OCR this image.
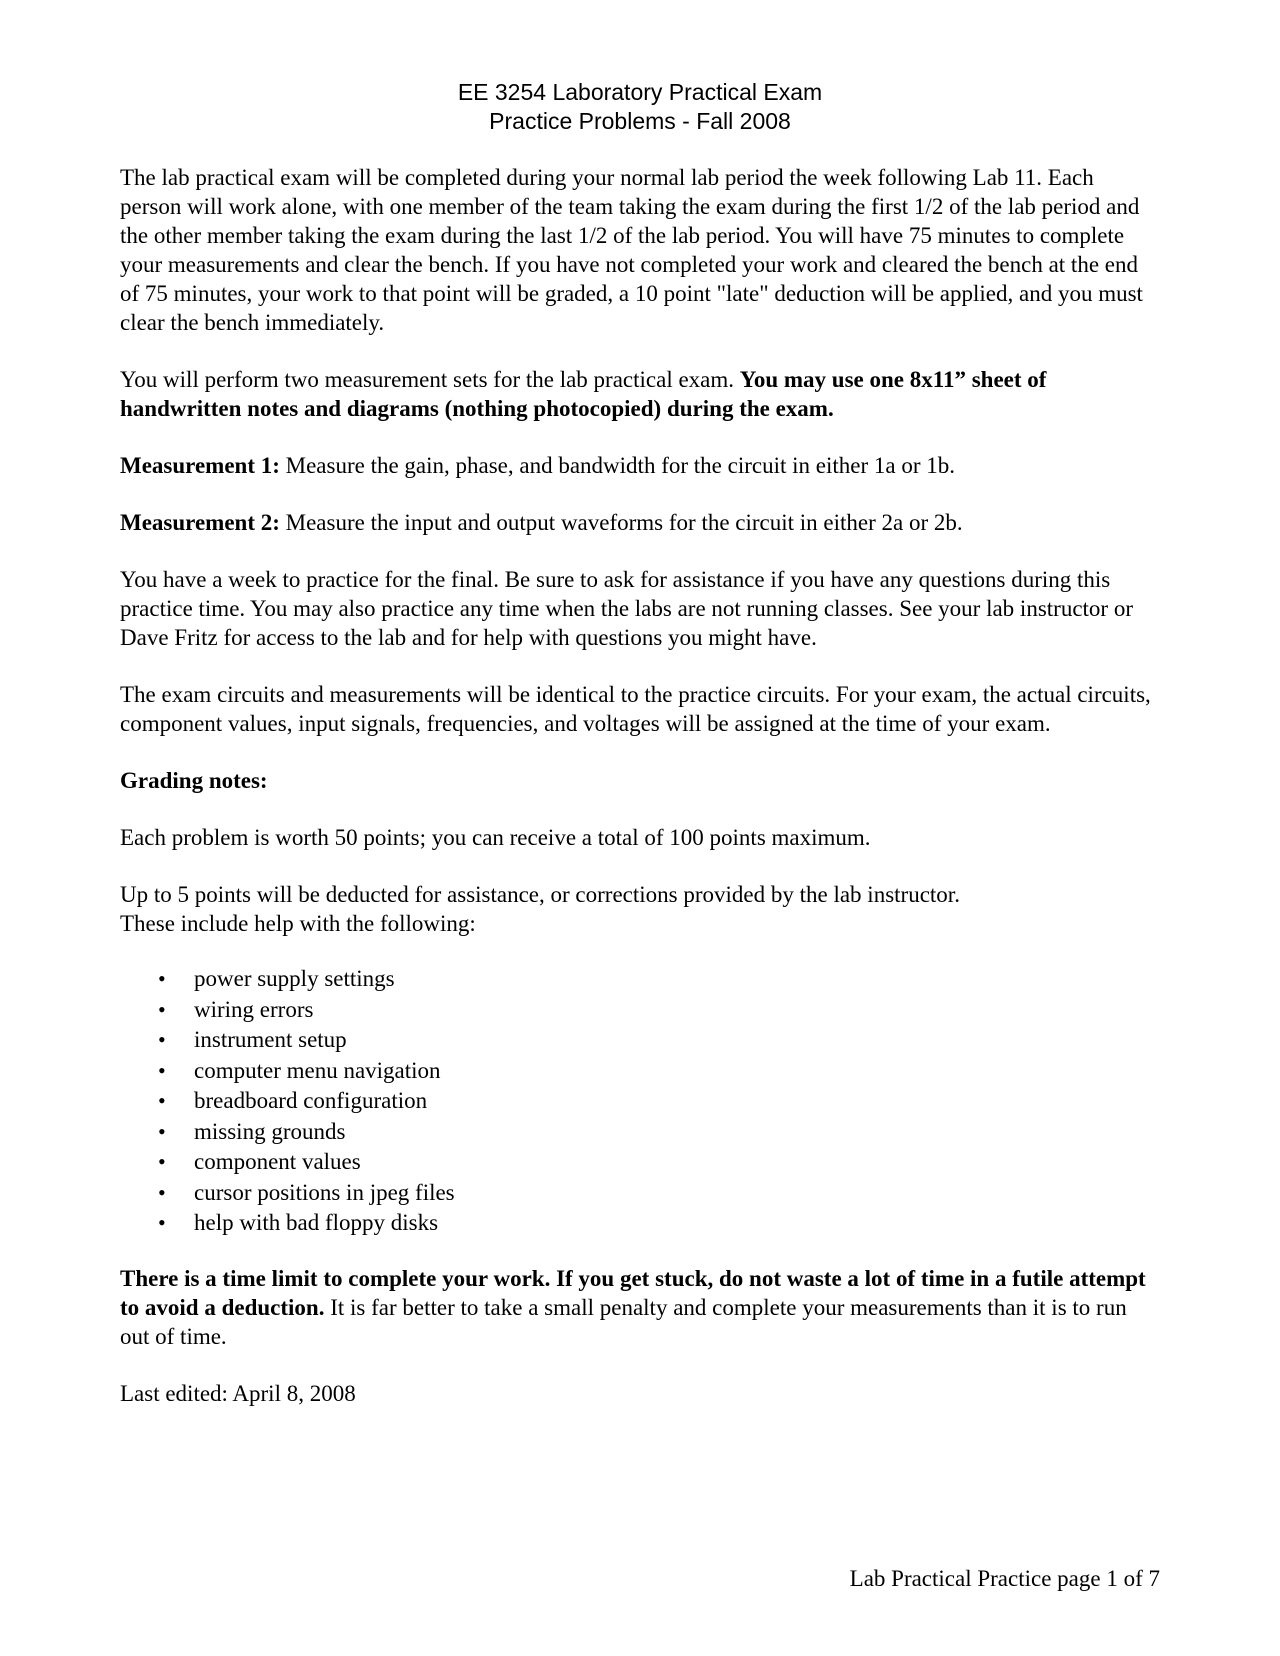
EE 3254 Laboratory Practical Exam

Practice Problems - Fall 2008

The lab practical exam will be completed during your normal lab period the week following Lab 11. Each person will work alone, with one member of the team taking the exam during the first 1/2 of the lab period and the other member taking the exam during the last 1/2 of the lab period. You will have 75 minutes to complete your measurements and clear the bench. If you have not completed your work and cleared the bench at the end of 75 minutes, your work to that point will be graded, a 10 point "late" deduction will be applied, and you must clear the bench immediately.

You will perform two measurement sets for the lab practical exam. You may use one 8x11” sheet of handwritten notes and diagrams (nothing photocopied) during the exam.

Measurement 1: Measure the gain, phase, and bandwidth for the circuit in either 1a or 1b.

Measurement 2: Measure the input and output waveforms for the circuit in either 2a or 2b.

You have a week to practice for the final. Be sure to ask for assistance if you have any questions during this practice time. You may also practice any time when the labs are not running classes. See your lab instructor or Dave Fritz for access to the lab and for help with questions you might have.

The exam circuits and measurements will be identical to the practice circuits. For your exam, the actual circuits, component values, input signals, frequencies, and voltages will be assigned at the time of your exam.

Grading notes:

Each problem is worth 50 points; you can receive a total of 100 points maximum.

Up to 5 points will be deducted for assistance, or corrections provided by the lab instructor.

These include help with the following:

• power supply settings
• wiring errors
• instrument setup
• computer menu navigation
• breadboard configuration
• missing grounds
• component values
• cursor positions in jpeg files
• help with bad floppy disks

There is a time limit to complete your work. If you get stuck, do not waste a lot of time in a futile attempt to avoid a deduction. It is far better to take a small penalty and complete your measurements than it is to run out of time.

Last edited: April 8, 2008

Lab Practical Practice page 1 of 7
